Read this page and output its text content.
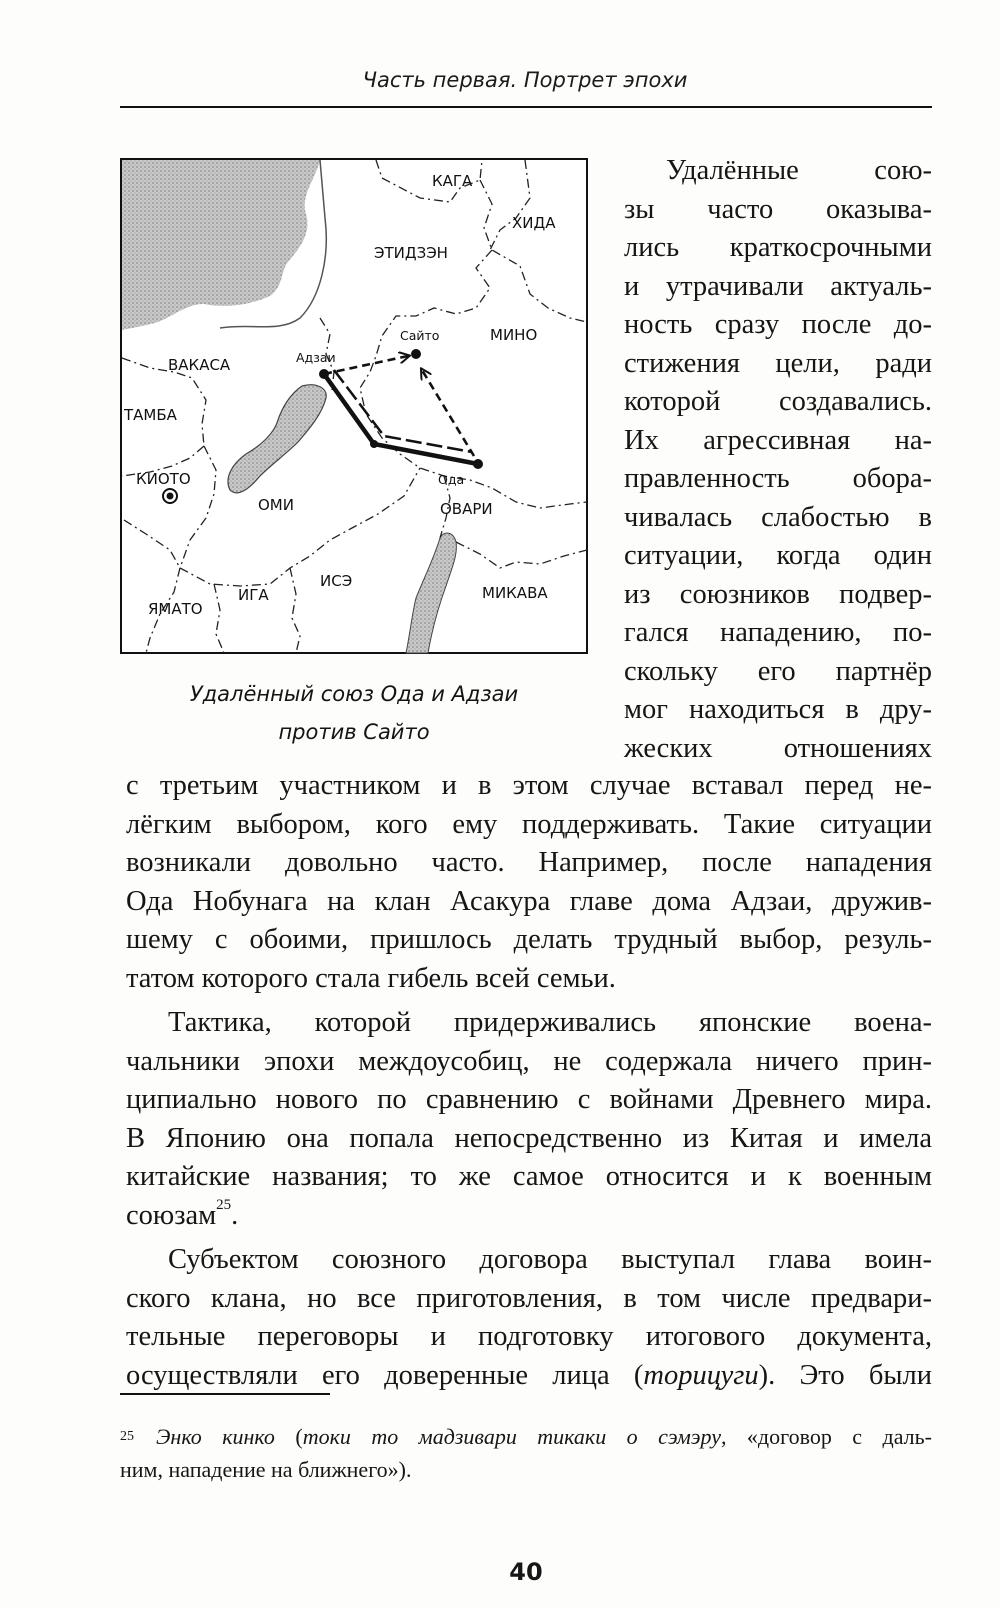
Часть первая. Портрет эпохи
КАГА
ХИДА
ЭТИДЗЭН
МИНО
ВАКАСА
ТАМБА
КИОТО
ОМИ	ОВАРИ
ЯМАТО
ИГА
ИСЭ
МИКАВА
Сайто
Адзаи
Ода
Удалённый союз Ода и Адзаи
против Сайто
Удалённые сою-
зы часто оказыва-
лись краткосрочными
и утрачивали актуаль-
ность сразу после до-
стижения цели, ради
которой создавались.
Их агрессивная на-
правленность обора-
чивалась слабостью в
ситуации, когда один
из союзников подвер-
гался нападению, по-
скольку его партнёр
мог находиться в дру-
жеских отношениях
с третьим участником и в этом случае вставал перед не-
лёгким выбором, кого ему поддерживать. Такие ситуации
возникали довольно часто. Например, после нападения
Ода Нобунага на клан Асакура главе дома Адзаи, дружив-
шему с обоими, пришлось делать трудный выбор, резуль-
татом которого стала гибель всей семьи.
Тактика, которой придерживались японские воена-
чальники эпохи междоусобиц, не содержала ничего прин-
ципиально нового по сравнению с войнами Древнего мира.
В Японию она попала непосредственно из Китая и имела
китайские названия; то же самое относится и к военным
союзам$^{25}$.
Субъектом союзного договора выступал глава воин-
ского клана, но все приготовления, в том числе предвари-
тельные переговоры и подготовку итогового документа,
осуществляли его доверенные лица (торицуги). Это были
$^{25}$ Энко кинко (токи то мадзивари тикаки о сэмэру, «договор с даль-
ним, нападение на ближнего»).
40
